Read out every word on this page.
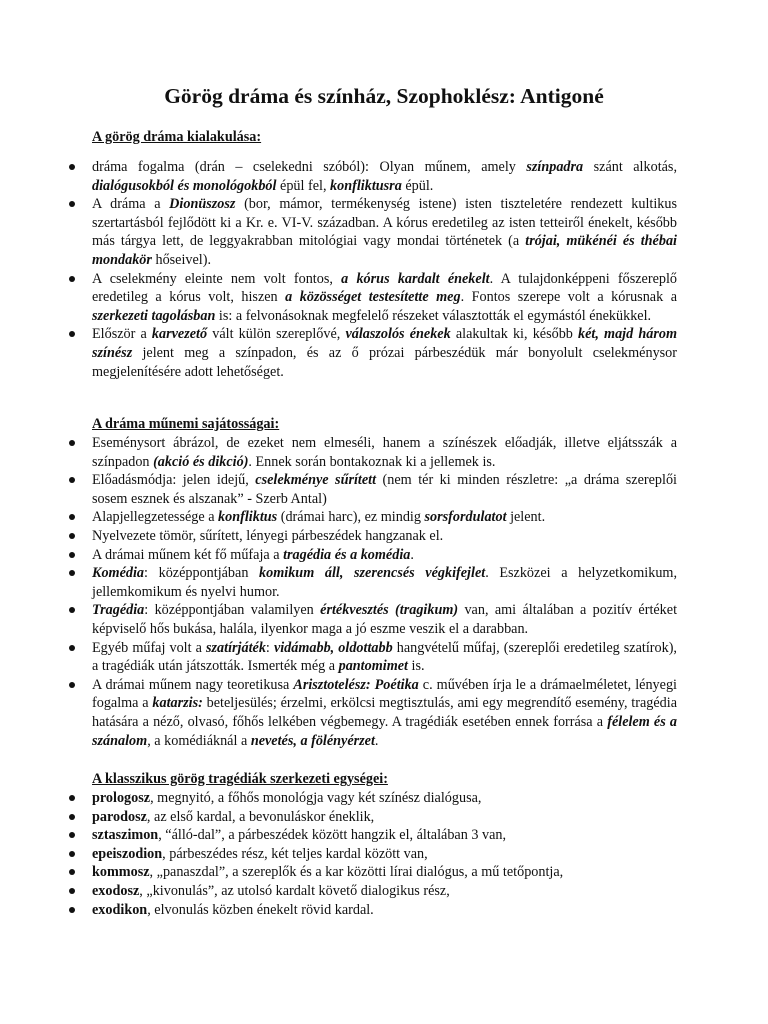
Görög dráma és színház, Szophoklész: Antigoné

A görög dráma kialakulása:

dráma fogalma (drán – cselekedni szóból): Olyan műnem, amely színpadra szánt alkotás, dialógusokból és monológokból épül fel, konfliktusra épül.
A dráma a Dionüszosz (bor, mámor, termékenység istene) isten tiszteletére rendezett kultikus szertartásból fejlődött ki a Kr. e. VI-V. században. A kórus eredetileg az isten tetteiről énekelt, később más tárgya lett, de leggyakrabban mitológiai vagy mondai történetek (a trójai, mükénéi és thébai mondakör hőseivel).
A cselekmény eleinte nem volt fontos, a kórus kardalt énekelt. A tulajdonképpeni főszereplő eredetileg a kórus volt, hiszen a közösséget testesítette meg. Fontos szerepe volt a kórusnak a szerkezeti tagolásban is: a felvonásoknak megfelelő részeket választották el egymástól énekükkel.
Először a karvezető vált külön szereplővé, válaszolós énekek alakultak ki, később két, majd három színész jelent meg a színpadon, és az ő prózai párbeszédük már bonyolult cselekménysor megjelenítésére adott lehetőséget.

A dráma műnemi sajátosságai:

Eseménysort ábrázol, de ezeket nem elmeséli, hanem a színészek előadják, illetve eljátsszák a színpadon (akció és dikció). Ennek során bontakoznak ki a jellemek is.
Előadásmódja: jelen idejű, cselekménye sűrített (nem tér ki minden részletre: „a dráma szereplői sosem esznek és alszanak” - Szerb Antal)
Alapjellegzetessége a konfliktus (drámai harc), ez mindig sorsfordulatot jelent.
Nyelvezete tömör, sűrített, lényegi párbeszédek hangzanak el.
A drámai műnem két fő műfaja a tragédia és a komédia.
Komédia: középpontjában komikum áll, szerencsés végkifejlet. Eszközei a helyzetkomikum, jellemkomikum és nyelvi humor.
Tragédia: középpontjában valamilyen értékvesztés (tragikum) van, ami általában a pozitív értéket képviselő hős bukása, halála, ilyenkor maga a jó eszme veszik el a darabban.
Egyéb műfaj volt a szatírjáték: vidámabb, oldottabb hangvételű műfaj, (szereplői eredetileg szatírok), a tragédiák után játszották. Ismerték még a pantomimet is.
A drámai műnem nagy teoretikusa Arisztotelész: Poétika c. művében írja le a drámaelméletet, lényegi fogalma a katarzis: beteljesülés; érzelmi, erkölcsi megtisztulás, ami egy megrendítő esemény, tragédia hatására a néző, olvasó, főhős lelkében végbemegy. A tragédiák esetében ennek forrása a félelem és a szánalom, a komédiáknál a nevetés, a fölényérzet.

A klasszikus görög tragédiák szerkezeti egységei:

prologosz, megnyitó, a főhős monológja vagy két színész dialógusa,
parodosz, az első kardal, a bevonuláskor éneklik,
sztaszimon, “álló-dal”, a párbeszédek között hangzik el, általában 3 van,
epeiszodion, párbeszédes rész, két teljes kardal között van,
kommosz, „panaszdal”, a szereplők és a kar közötti lírai dialógus, a mű tetőpontja,
exodosz, „kivonulás”, az utolsó kardalt követő dialogikus rész,
exodikon, elvonulás közben énekelt rövid kardal.
